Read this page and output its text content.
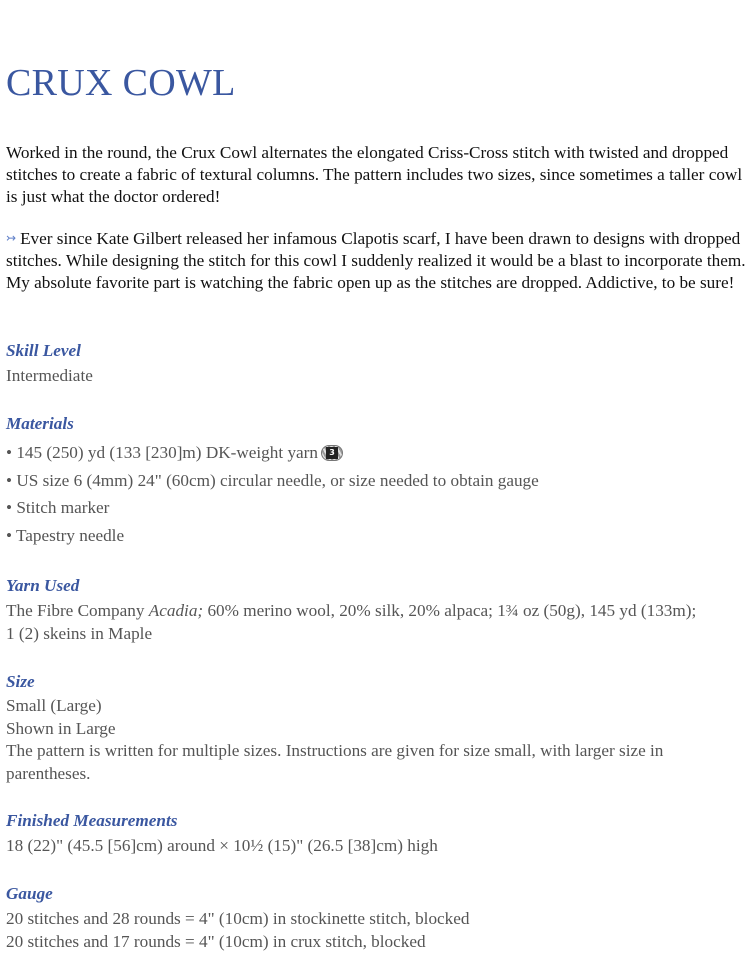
CRUX COWL

Worked in the round, the Crux Cowl alternates the elongated Criss-Cross stitch with twisted and dropped stitches to create a fabric of textural columns. The pattern includes two sizes, since sometimes a taller cowl is just what the doctor ordered!

↣ Ever since Kate Gilbert released her infamous Clapotis scarf, I have been drawn to designs with dropped stitches. While designing the stitch for this cowl I suddenly realized it would be a blast to incorporate them. My absolute favorite part is watching the fabric open up as the stitches are dropped. Addictive, to be sure!

Skill Level

Intermediate

Materials
• 145 (250) yd (133 [230]m) DK-weight yarn	3
• US size 6 (4mm) 24" (60cm) circular needle, or size needed to obtain gauge
• Stitch marker
• Tapestry needle
Yarn Used

The Fibre Company Acadia; 60% merino wool, 20% silk, 20% alpaca; 1¾ oz (50g), 145 yd (133m);
1 (2) skeins in Maple

Size

Small (Large)
Shown in Large
The pattern is written for multiple sizes. Instructions are given for size small, with larger size in
parentheses.

Finished Measurements

18 (22)" (45.5 [56]cm) around × 10½ (15)" (26.5 [38]cm) high

Gauge

20 stitches and 28 rounds = 4" (10cm) in stockinette stitch, blocked
20 stitches and 17 rounds = 4" (10cm) in crux stitch, blocked
